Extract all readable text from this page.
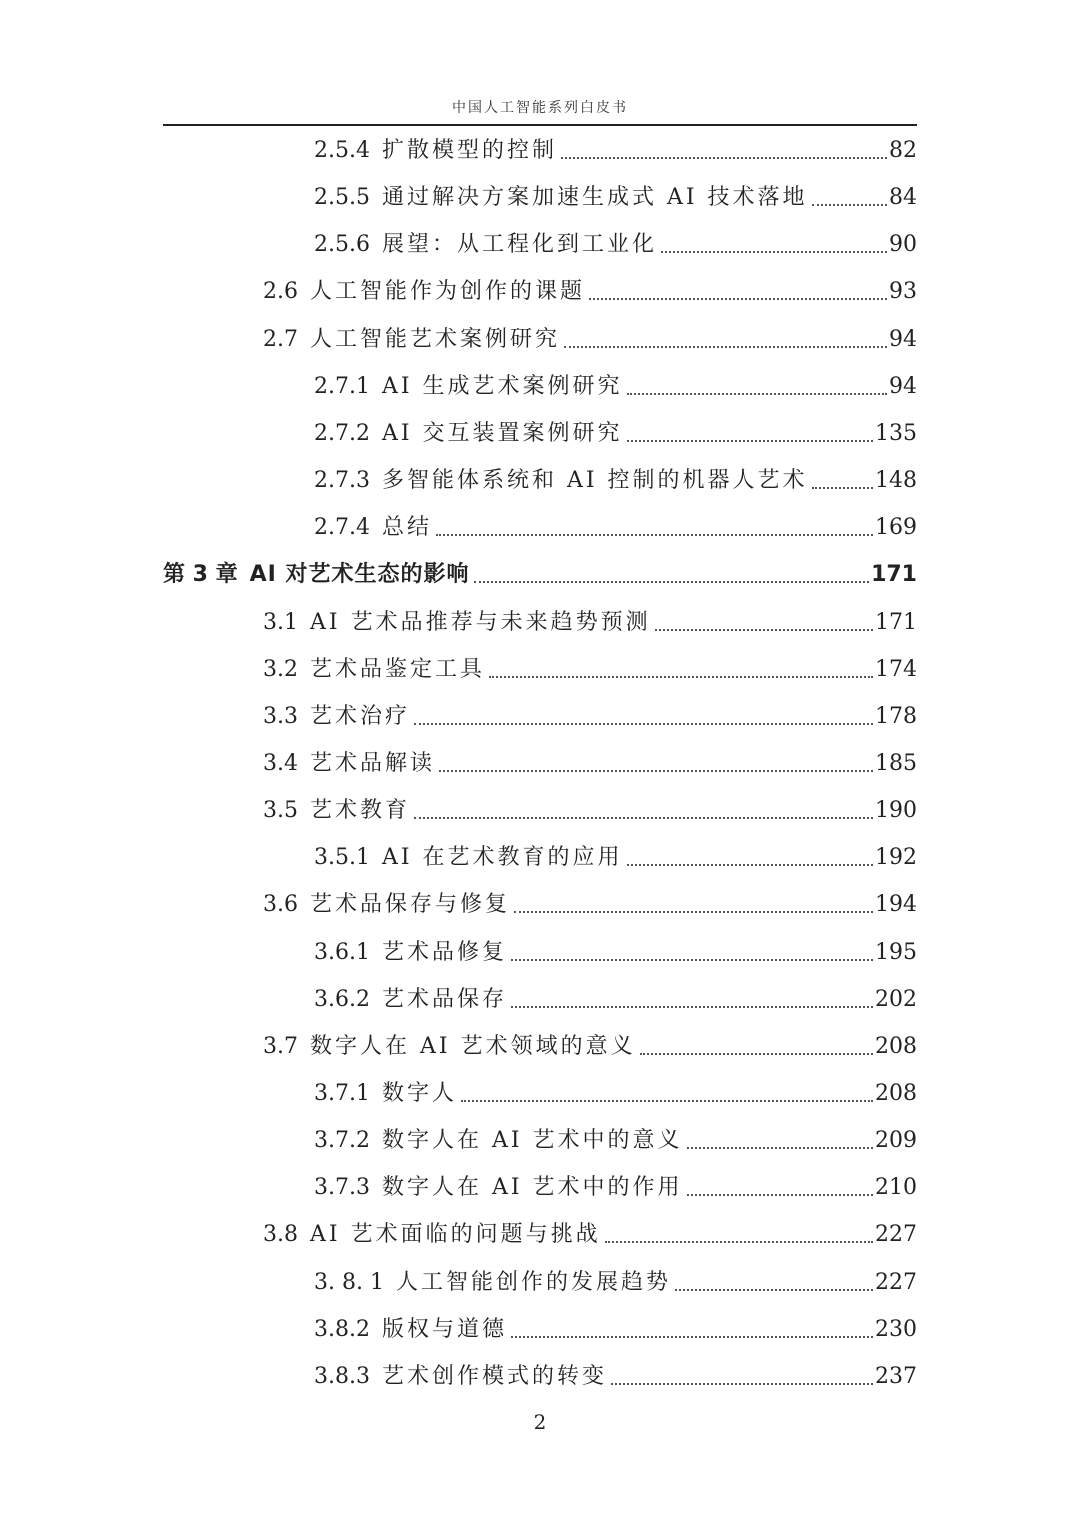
中国人工智能系列白皮书
2.5.4 扩散模型的控制	82
2.5.5 通过解决方案加速生成式 AI 技术落地	84
2.5.6 展望：从工程化到工业化	90
2.6 人工智能作为创作的课题	93
2.7 人工智能艺术案例研究	94
2.7.1 AI 生成艺术案例研究	94
2.7.2 AI 交互装置案例研究	135
2.7.3 多智能体系统和 AI 控制的机器人艺术	148
2.7.4 总结	169
第 3 章 AI 对艺术生态的影响	171
3.1 AI 艺术品推荐与未来趋势预测	171
3.2 艺术品鉴定工具	174
3.3 艺术治疗	178
3.4 艺术品解读	185
3.5 艺术教育	190
3.5.1 AI 在艺术教育的应用	192
3.6 艺术品保存与修复	194
3.6.1 艺术品修复	195
3.6.2 艺术品保存	202
3.7 数字人在 AI 艺术领域的意义	208
3.7.1 数字人	208
3.7.2 数字人在 AI 艺术中的意义	209
3.7.3 数字人在 AI 艺术中的作用	210
3.8 AI 艺术面临的问题与挑战	227
3. 8. 1 人工智能创作的发展趋势	227
3.8.2 版权与道德	230
3.8.3 艺术创作模式的转变	237
2
